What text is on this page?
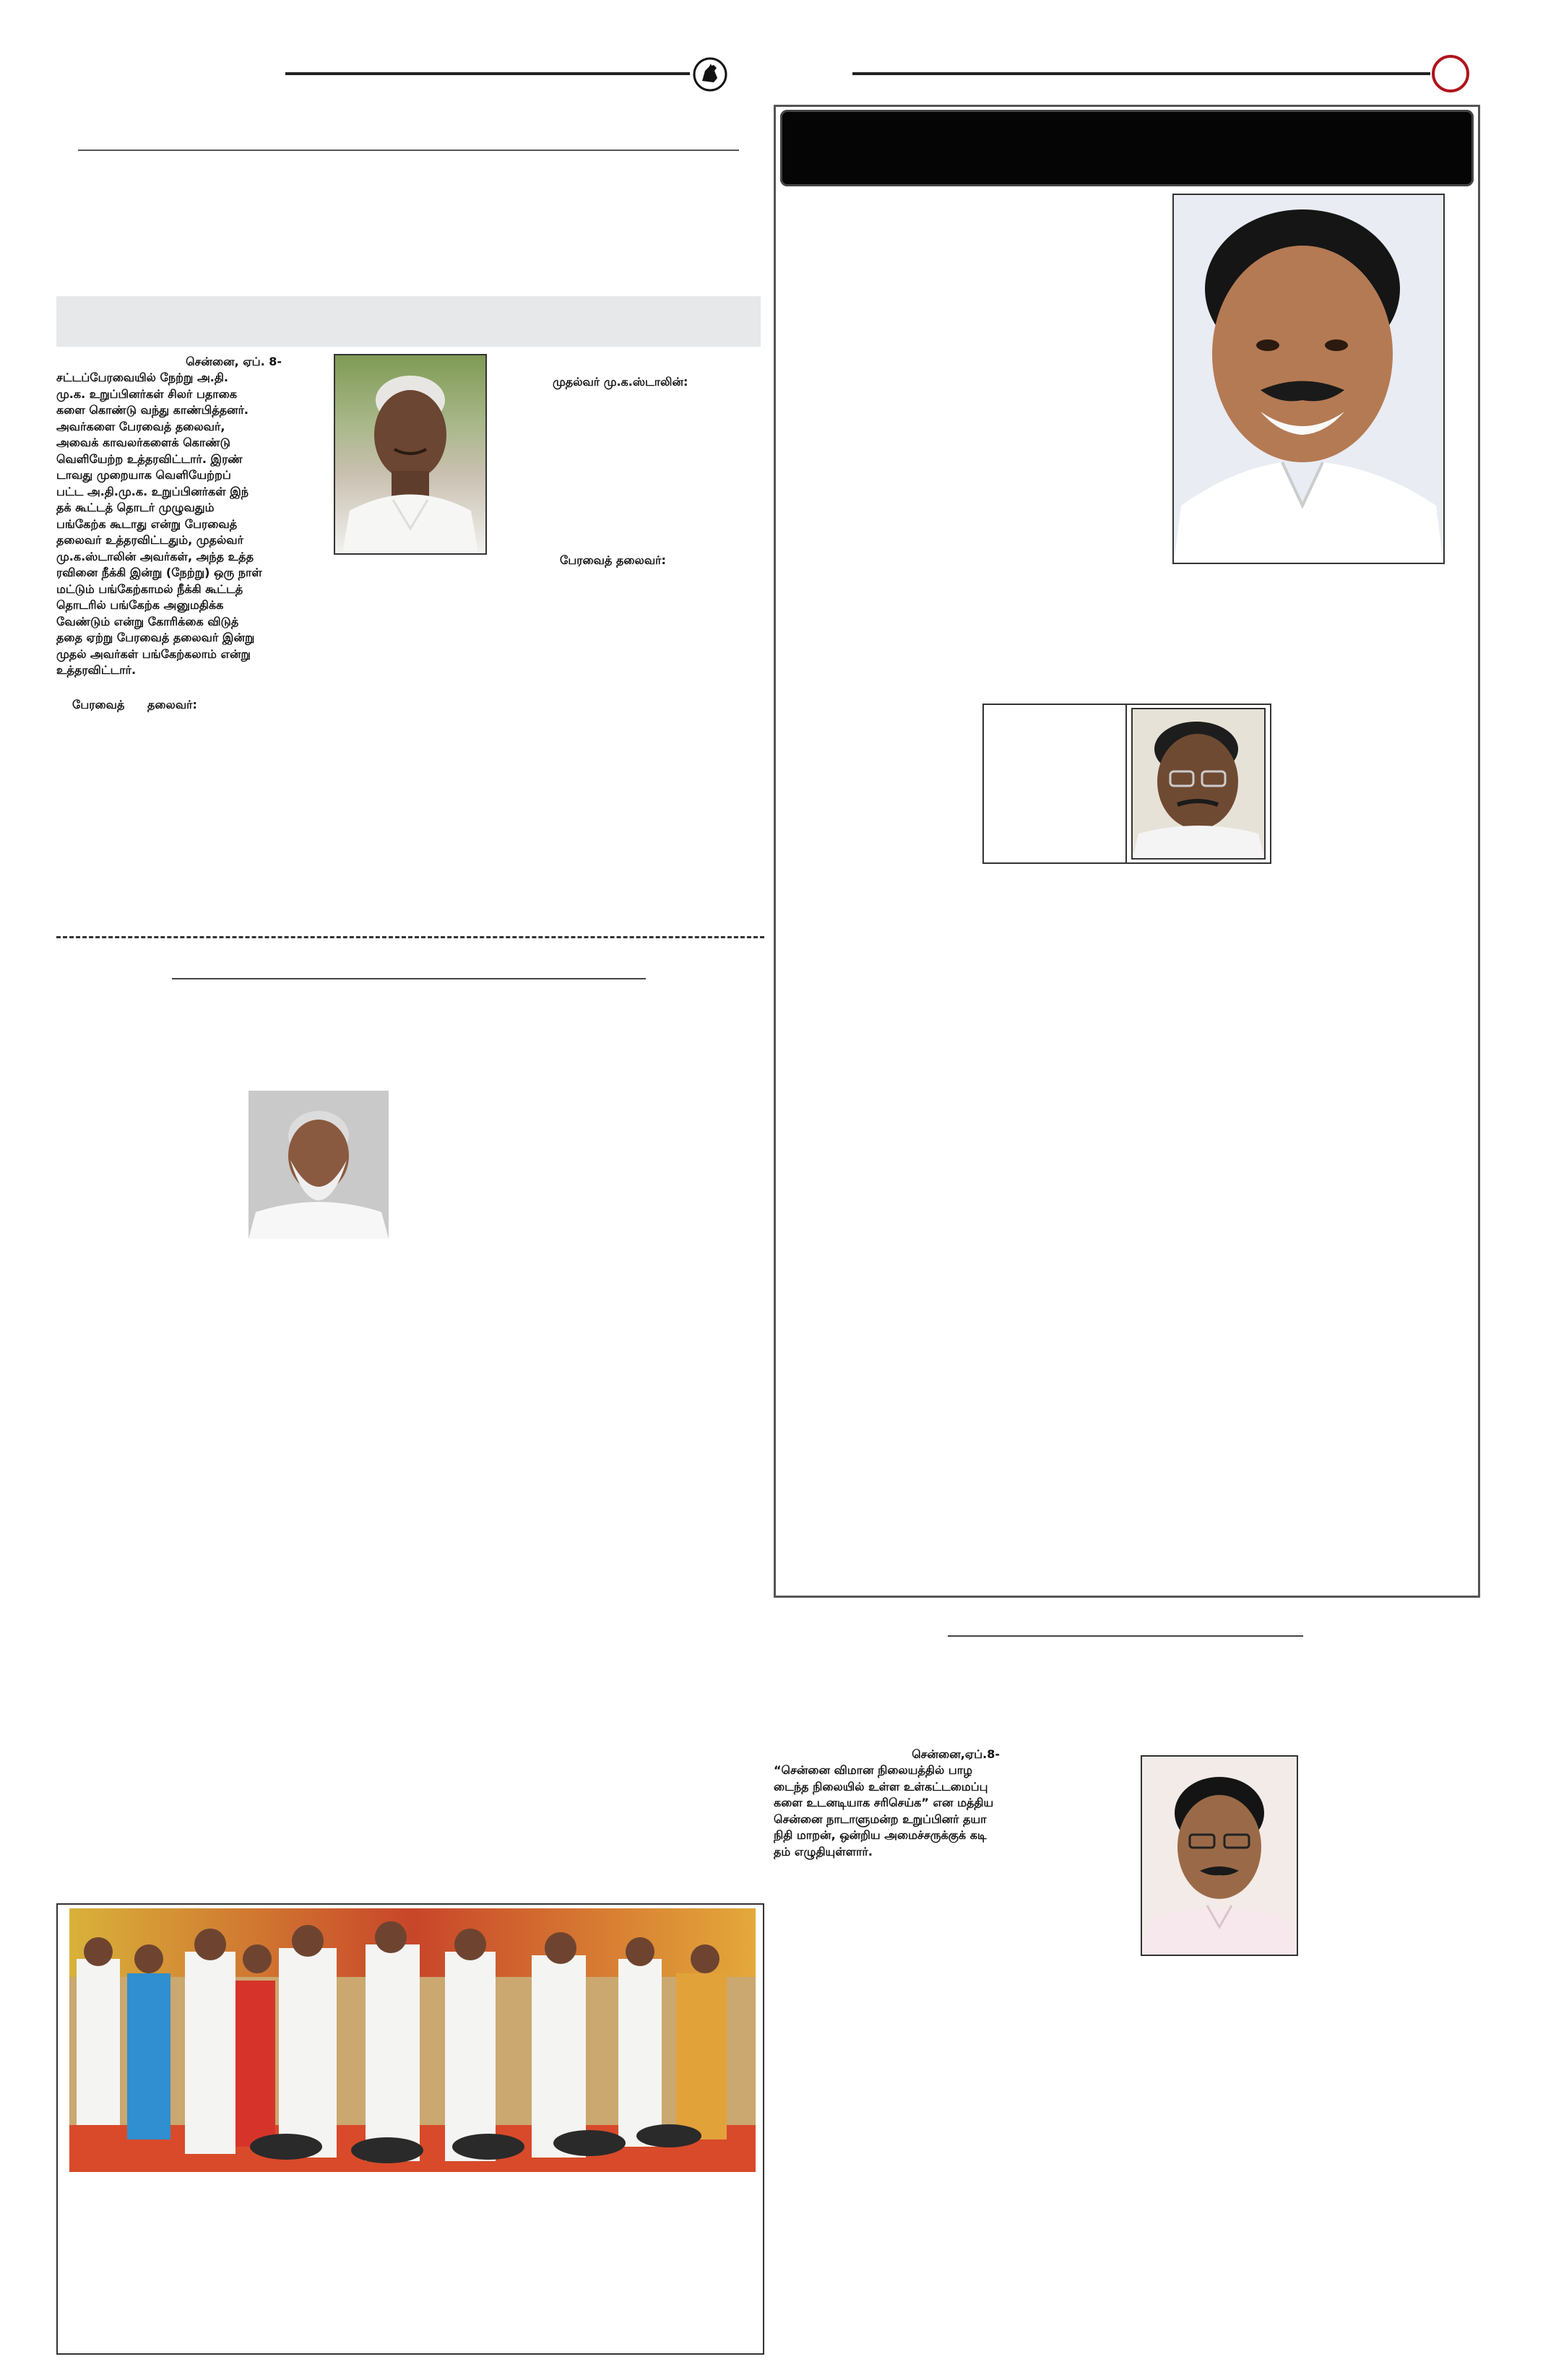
சென்னை, ஏப். 8-
சட்டப்பேரவையில் நேற்று அ.தி.
மு.க. உறுப்பினர்கள் சிலர் பதாகை
களை கொண்டு வந்து காண்பித்தனர்.
அவர்களை பேரவைத் தலைவர்,
அவைக் காவலர்களைக் கொண்டு
வெளியேற்ற உத்தரவிட்டார். இரண்
டாவது முறையாக வெளியேற்றப்
பட்ட அ.தி.மு.க. உறுப்பினர்கள் இந்
தக் கூட்டத் தொடர் முழுவதும்
பங்கேற்க கூடாது என்று பேரவைத்
தலைவர் உத்தரவிட்டதும், முதல்வர்
மு.க.ஸ்டாலின் அவர்கள், அந்த உத்த
ரவினை நீக்கி இன்று (நேற்று) ஒரு நாள்
மட்டும் பங்கேற்காமல் நீக்கி கூட்டத்
தொடரில் பங்கேற்க அனுமதிக்க
வேண்டும் என்று கோரிக்கை விடுத்
ததை ஏற்று பேரவைத் தலைவர் இன்று
முதல் அவர்கள் பங்கேற்கலாம் என்று
உத்தரவிட்டார்.
பேரவைத் தலைவர்:
முதல்வர் மு.க.ஸ்டாலின்:
பேரவைத் தலைவர்:
சென்னை,ஏப்.8-
“சென்னை விமான நிலையத்தில் பாழ
டைந்த நிலையில் உள்ள உள்கட்டமைப்பு
களை உடனடியாக சரிசெய்க” என மத்திய
சென்னை நாடாளுமன்ற உறுப்பினர் தயா
நிதி மாறன், ஒன்றிய அமைச்சருக்குக் கடி
தம் எழுதியுள்ளார்.
